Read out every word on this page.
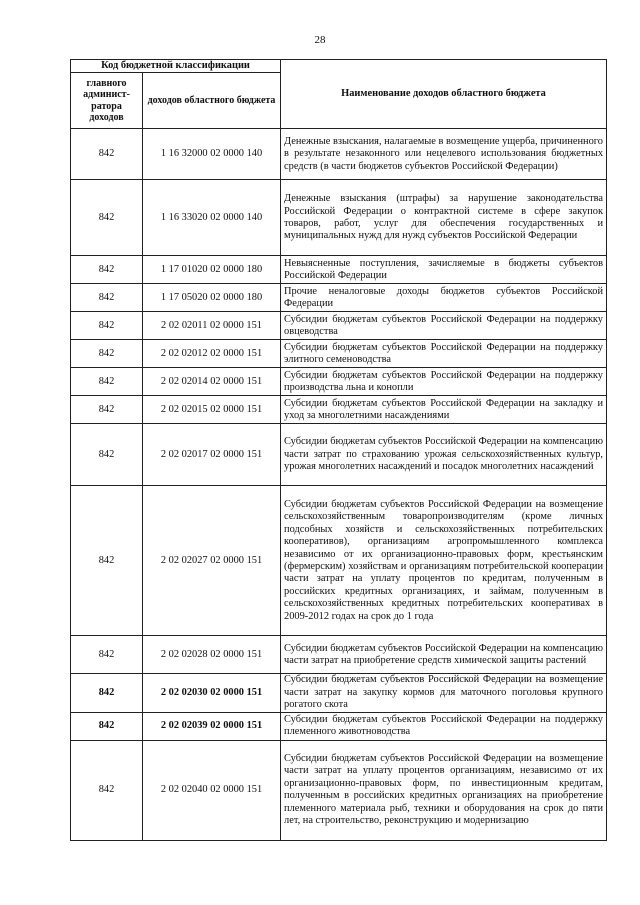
28
Код бюджетной классификации		Наименование доходов областного бюджета
главного админист-ратора доходов	доходов областного бюджета	
842	1 16 32000 02 0000 140	Денежные взыскания, налагаемые в возмещение ущерба, причиненного в результате незаконного или нецелевого использования бюджетных средств (в части бюджетов субъектов Российской Федерации)
842	1 16 33020 02 0000 140	Денежные взыскания (штрафы) за нарушение законодательства Российской Федерации о контрактной системе в сфере закупок товаров, работ, услуг для обеспечения государственных и муниципальных нужд для нужд субъектов Российской Федерации
842	1 17 01020 02 0000 180	Невыясненные поступления, зачисляемые в бюджеты субъектов Российской Федерации
842	1 17 05020 02 0000 180	Прочие неналоговые доходы бюджетов субъектов Российской Федерации
842	2 02 02011 02 0000 151	Субсидии бюджетам субъектов Российской Федерации на поддержку овцеводства
842	2 02 02012 02 0000 151	Субсидии бюджетам субъектов Российской Федерации на поддержку элитного семеноводства
842	2 02 02014 02 0000 151	Субсидии бюджетам субъектов Российской Федерации на поддержку производства льна и конопли
842	2 02 02015 02 0000 151	Субсидии бюджетам субъектов Российской Федерации на закладку и уход за многолетними насаждениями
842	2 02 02017 02 0000 151	Субсидии бюджетам субъектов Российской Федерации на компенсацию части затрат по страхованию урожая сельскохозяйственных культур, урожая многолетних насаждений и посадок многолетних насаждений
842	2 02 02027 02 0000 151	Субсидии бюджетам субъектов Российской Федерации на возмещение сельскохозяйственным товаропроизводителям (кроме личных подсобных хозяйств и сельскохозяйственных потребительских кооперативов), организациям агропромышленного комплекса независимо от их организационно-правовых форм, крестьянским (фермерским) хозяйствам и организациям потребительской кооперации части затрат на уплату процентов по кредитам, полученным в российских кредитных организациях, и займам, полученным в сельскохозяйственных кредитных потребительских кооперативах в 2009-2012 годах на срок до 1 года
842	2 02 02028 02 0000 151	Субсидии бюджетам субъектов Российской Федерации на компенсацию части затрат на приобретение средств химической защиты растений
842	2 02 02030 02 0000 151	Субсидии бюджетам субъектов Российской Федерации на возмещение части затрат на закупку кормов для маточного поголовья крупного рогатого скота
842	2 02 02039 02 0000 151	Субсидии бюджетам субъектов Российской Федерации на поддержку племенного животноводства
842	2 02 02040 02 0000 151	Субсидии бюджетам субъектов Российской Федерации на возмещение части затрат на уплату процентов организациям, независимо от их организационно-правовых форм, по инвестиционным кредитам, полученным в российских кредитных организациях на приобретение племенного материала рыб, техники и оборудования на срок до пяти лет, на строительство, реконструкцию и модернизацию
